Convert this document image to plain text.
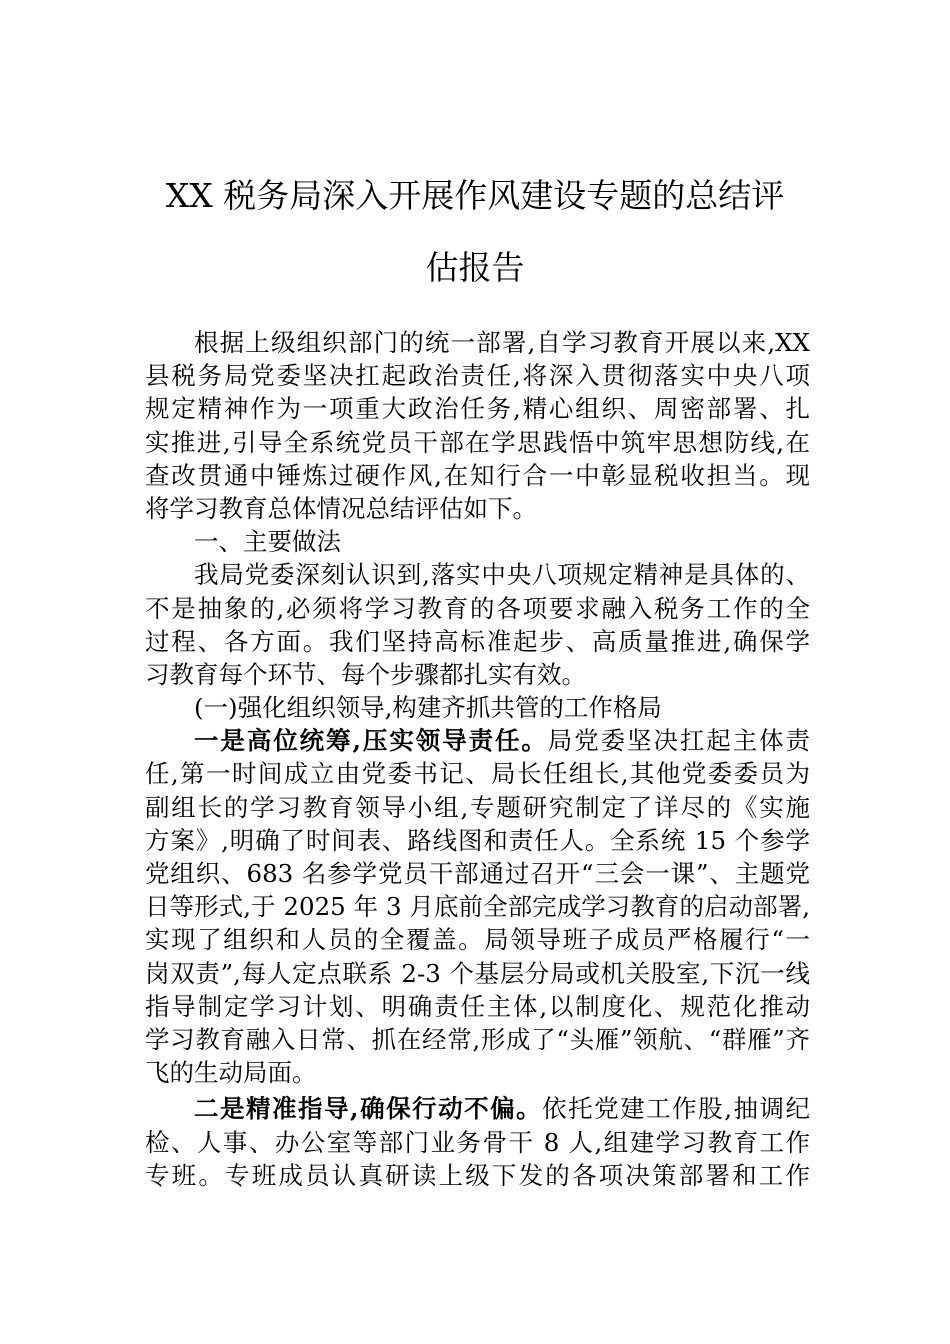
XX 税务局深入开展作风建设专题的总结评
估报告
根据上级组织部门的统一部署,自学习教育开展以来,XX
县税务局党委坚决扛起政治责任,将深入贯彻落实中央八项
规定精神作为一项重大政治任务,精心组织、周密部署、扎
实推进,引导全系统党员干部在学思践悟中筑牢思想防线,在
查改贯通中锤炼过硬作风,在知行合一中彰显税收担当。现
将学习教育总体情况总结评估如下。
一、主要做法
我局党委深刻认识到,落实中央八项规定精神是具体的、
不是抽象的,必须将学习教育的各项要求融入税务工作的全
过程、各方面。我们坚持高标准起步、高质量推进,确保学
习教育每个环节、每个步骤都扎实有效。
(一)强化组织领导,构建齐抓共管的工作格局
一是高位统筹,压实领导责任。局党委坚决扛起主体责
任,第一时间成立由党委书记、局长任组长,其他党委委员为
副组长的学习教育领导小组,专题研究制定了详尽的《实施
方案》,明确了时间表、路线图和责任人。全系统 15 个参学
党组织、683 名参学党员干部通过召开“三会一课”、主题党
日等形式,于 2025 年 3 月底前全部完成学习教育的启动部署,
实现了组织和人员的全覆盖。局领导班子成员严格履行“一
岗双责”,每人定点联系 2-3 个基层分局或机关股室,下沉一线
指导制定学习计划、明确责任主体,以制度化、规范化推动
学习教育融入日常、抓在经常,形成了“头雁”领航、“群雁”齐
飞的生动局面。
二是精准指导,确保行动不偏。依托党建工作股,抽调纪
检、人事、办公室等部门业务骨干 8 人,组建学习教育工作
专班。专班成员认真研读上级下发的各项决策部署和工作
